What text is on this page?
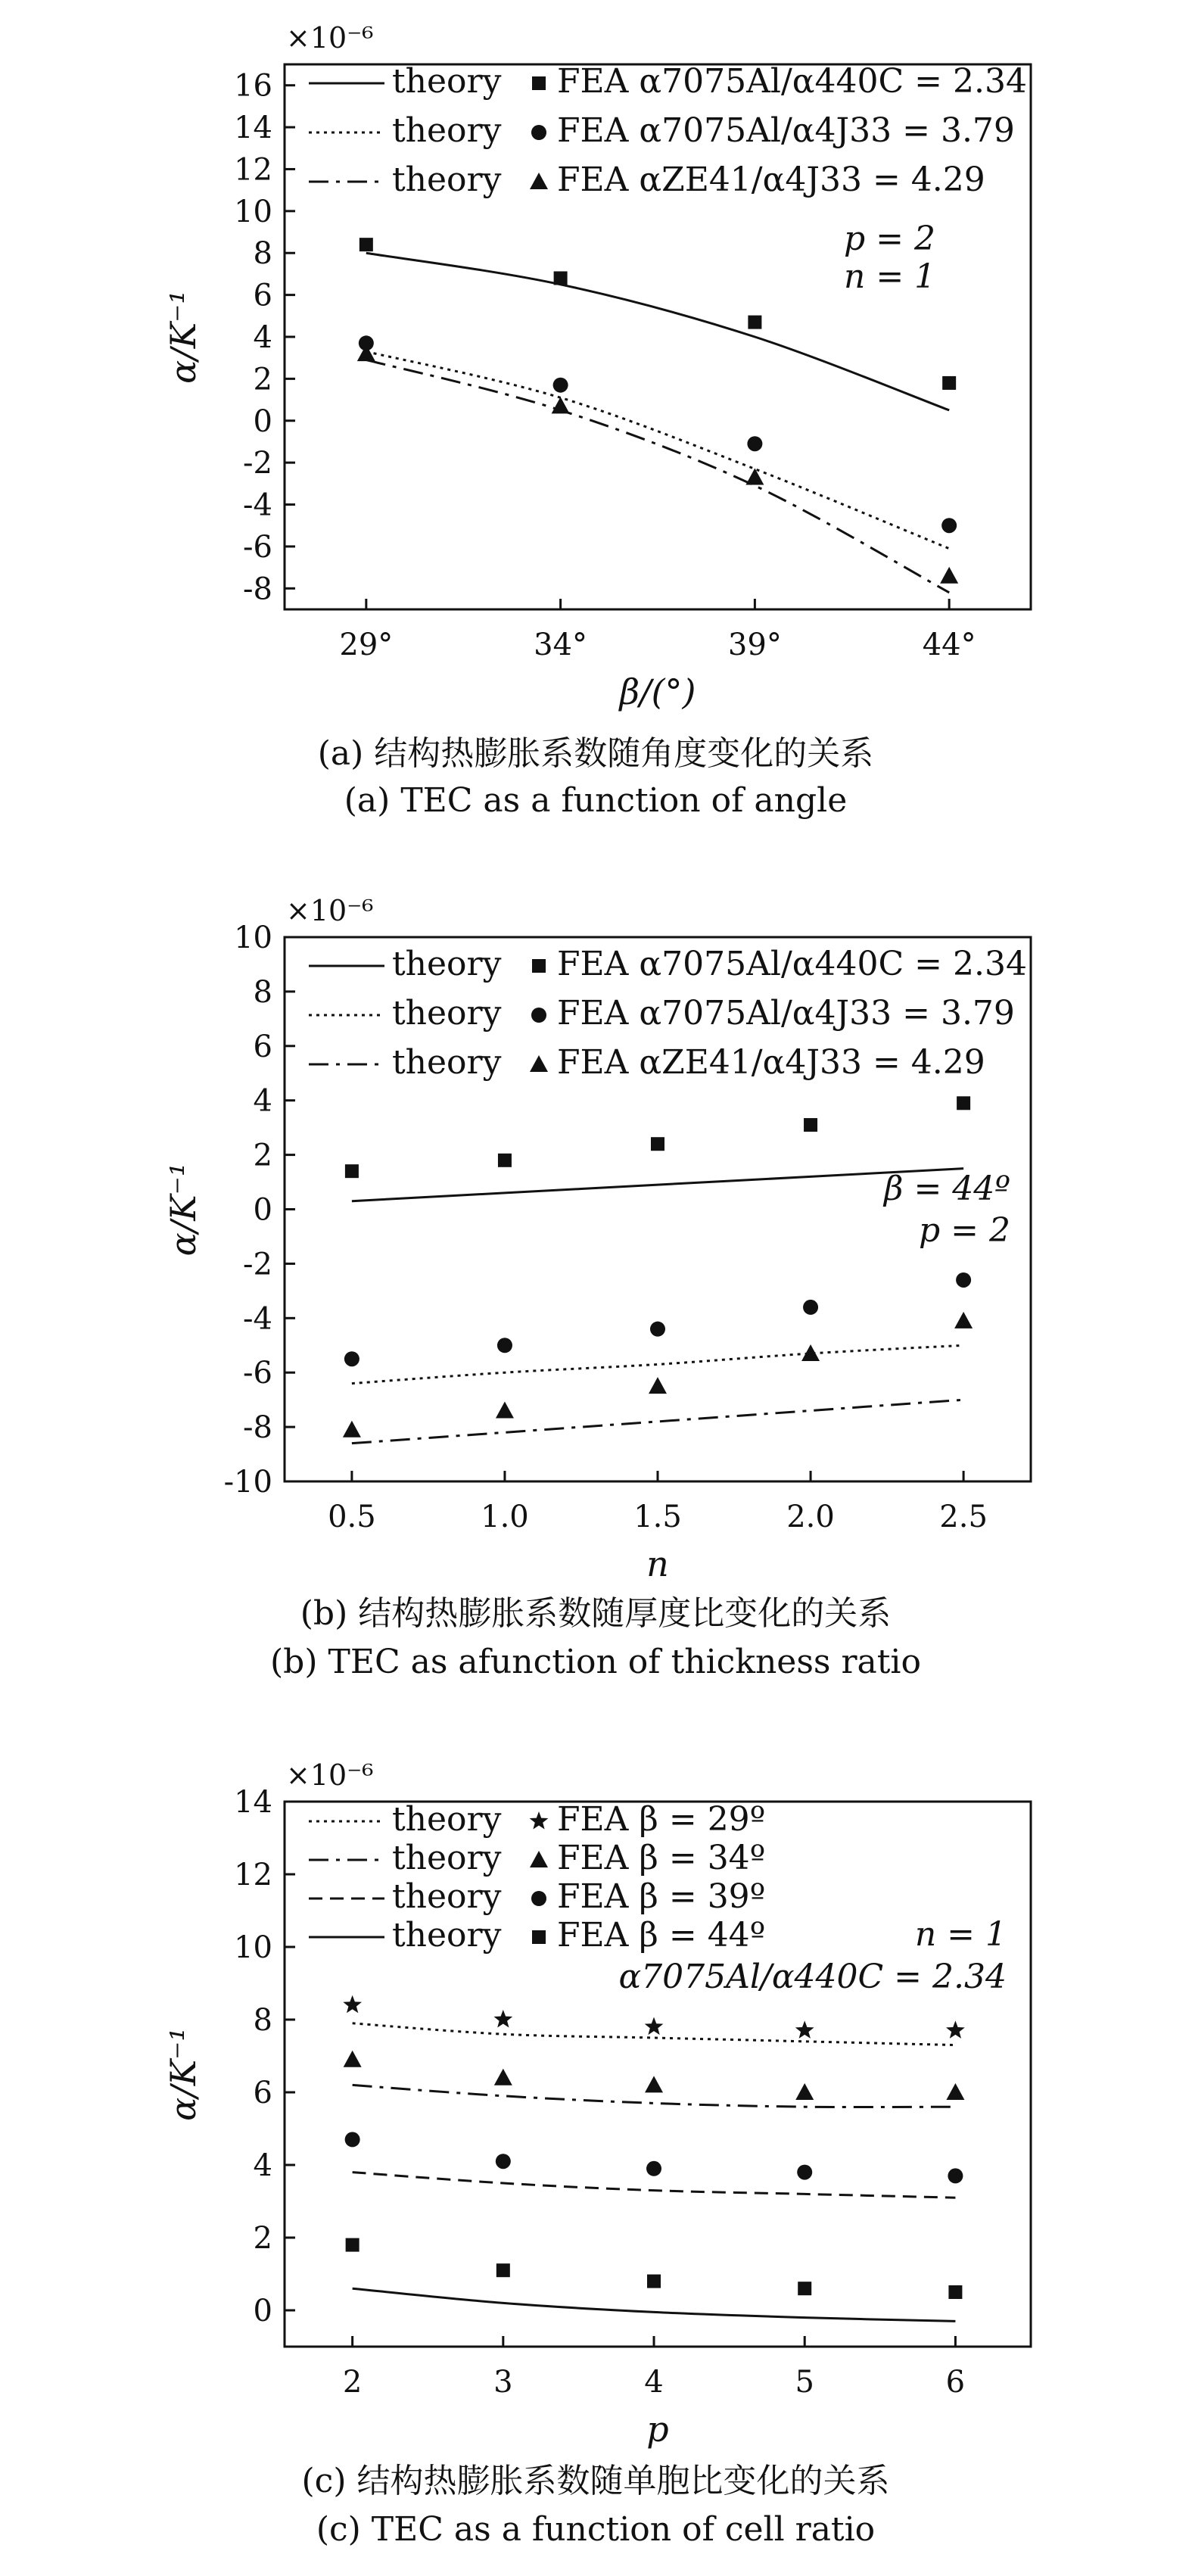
×10⁻⁶
-8
-6
-4
-2
0
2
4
6
8
10
12
14
16
29°	34°	39°	44°
α/K⁻¹
β/(°)
theory FEA α7075Al/α440C = 2.34
theory FEA α7075Al/α4J33 = 3.79
theory FEA αZE41/α4J33 = 4.29
p = 2
n = 1
(a) 结构热膨胀系数随角度变化的关系
(a) TEC as a function of angle
×10⁻⁶
-10
-8
-6
-4
-2
0
2
4
6
8
10
0.5	1.0	1.5	2.0	2.5
α/K⁻¹
n
theory FEA α7075Al/α440C = 2.34
theory FEA α7075Al/α4J33 = 3.79
theory FEA αZE41/α4J33 = 4.29
β = 44º
p = 2
(b) 结构热膨胀系数随厚度比变化的关系
(b) TEC as afunction of thickness ratio
×10⁻⁶
0
2
4
6
8
10
12
14
2	3	4	5	6
α/K⁻¹
p
theory FEA β = 29º
theory FEA β = 34º
theory FEA β = 39º
theory FEA β = 44º	n = 1
α7075Al/α440C = 2.34
(c) 结构热膨胀系数随单胞比变化的关系
(c) TEC as a function of cell ratio
